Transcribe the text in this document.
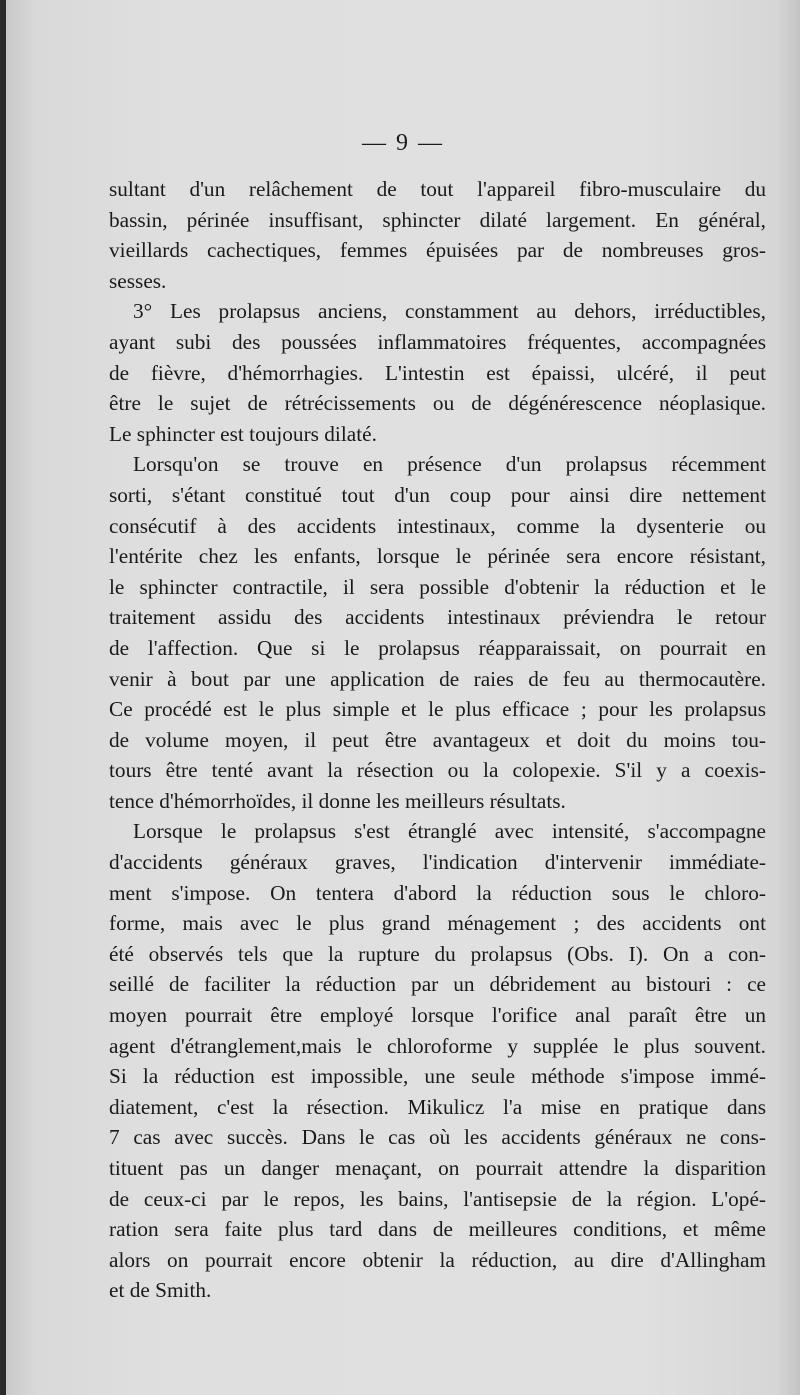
— 9 —
sultant d'un relâchement de tout l'appareil fibro-musculaire du
bassin, périnée insuffisant, sphincter dilaté largement. En général,
vieillards cachectiques, femmes épuisées par de nombreuses gros-
sesses.
3° Les prolapsus anciens, constamment au dehors, irréductibles,
ayant subi des poussées inflammatoires fréquentes, accompagnées
de fièvre, d'hémorrhagies. L'intestin est épaissi, ulcéré, il peut
être le sujet de rétrécissements ou de dégénérescence néoplasique.
Le sphincter est toujours dilaté.
Lorsqu'on se trouve en présence d'un prolapsus récemment
sorti, s'étant constitué tout d'un coup pour ainsi dire nettement
consécutif à des accidents intestinaux, comme la dysenterie ou
l'entérite chez les enfants, lorsque le périnée sera encore résistant,
le sphincter contractile, il sera possible d'obtenir la réduction et le
traitement assidu des accidents intestinaux préviendra le retour
de l'affection. Que si le prolapsus réapparaissait, on pourrait en
venir à bout par une application de raies de feu au thermocautère.
Ce procédé est le plus simple et le plus efficace ; pour les prolapsus
de volume moyen, il peut être avantageux et doit du moins tou-
tours être tenté avant la résection ou la colopexie. S'il y a coexis-
tence d'hémorrhoïdes, il donne les meilleurs résultats.
Lorsque le prolapsus s'est étranglé avec intensité, s'accompagne
d'accidents généraux graves, l'indication d'intervenir immédiate-
ment s'impose. On tentera d'abord la réduction sous le chloro-
forme, mais avec le plus grand ménagement ; des accidents ont
été observés tels que la rupture du prolapsus (Obs. I). On a con-
seillé de faciliter la réduction par un débridement au bistouri : ce
moyen pourrait être employé lorsque l'orifice anal paraît être un
agent d'étranglement,mais le chloroforme y supplée le plus souvent.
Si la réduction est impossible, une seule méthode s'impose immé-
diatement, c'est la résection. Mikulicz l'a mise en pratique dans
7 cas avec succès. Dans le cas où les accidents généraux ne cons-
tituent pas un danger menaçant, on pourrait attendre la disparition
de ceux-ci par le repos, les bains, l'antisepsie de la région. L'opé-
ration sera faite plus tard dans de meilleures conditions, et même
alors on pourrait encore obtenir la réduction, au dire d'Allingham
et de Smith.
